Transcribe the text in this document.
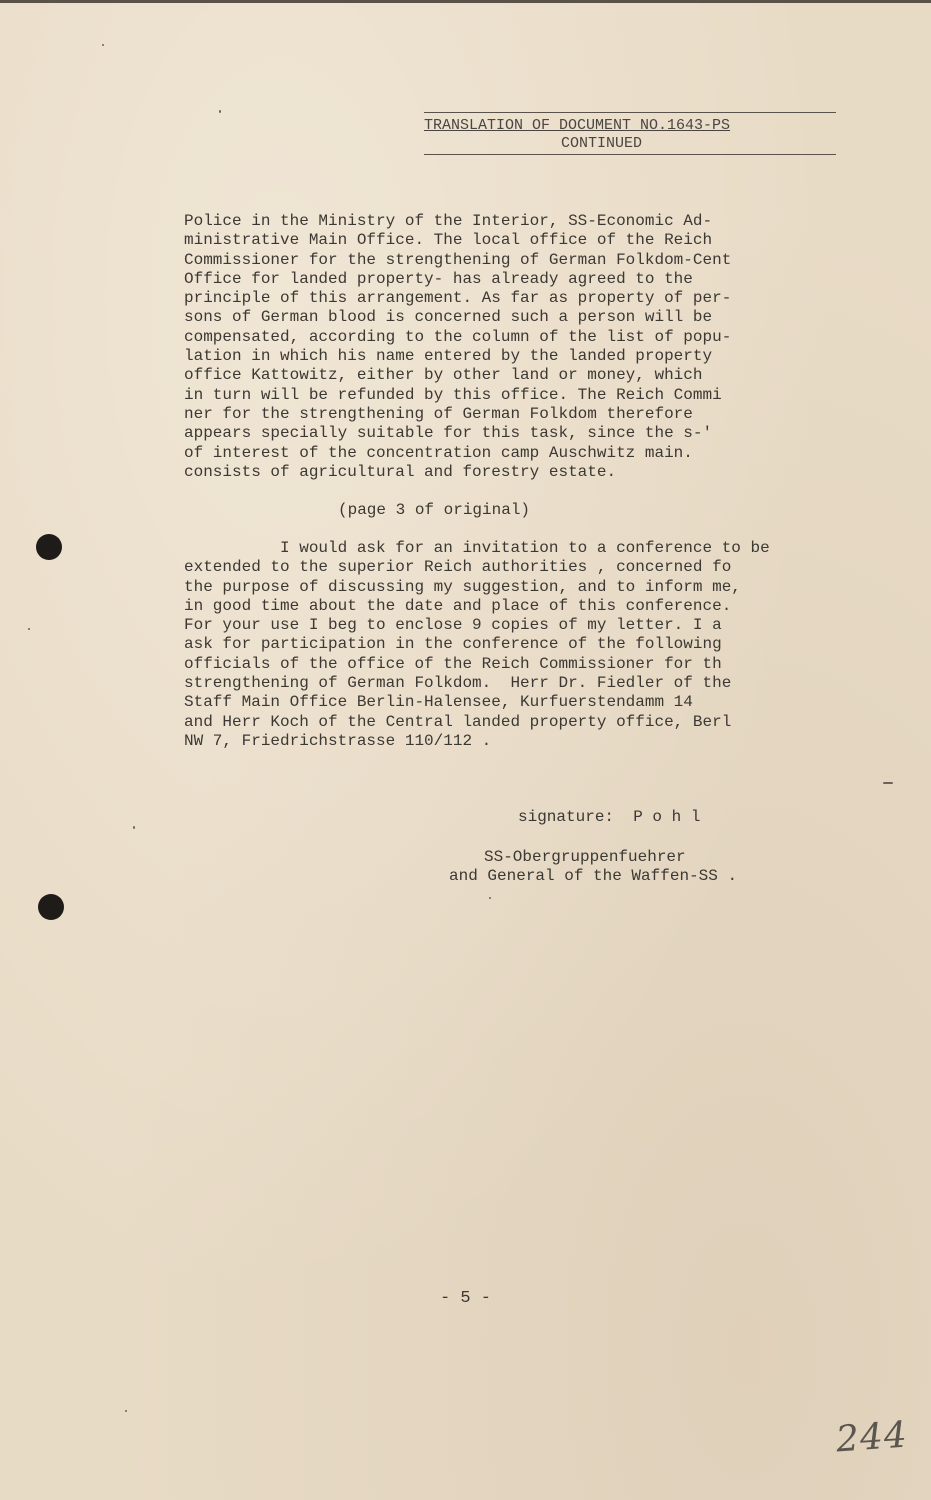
TRANSLATION OF DOCUMENT NO.1643-PS
CONTINUED
Police in the Ministry of the Interior, SS-Economic Ad-
ministrative Main Office. The local office of the Reich
Commissioner for the strengthening of German Folkdom-Cent
Office for landed property- has already agreed to the
principle of this arrangement. As far as property of per-
sons of German blood is concerned such a person will be
compensated, according to the column of the list of popu-
lation in which his name entered by the landed property
office Kattowitz, either by other land or money, which
in turn will be refunded by this office. The Reich Commi
ner for the strengthening of German Folkdom therefore
appears specially suitable for this task, since the s-'
of interest of the concentration camp Auschwitz main.
consists of agricultural and forestry estate.
(page 3 of original)
I would ask for an invitation to a conference to be
extended to the superior Reich authorities , concerned fo
the purpose of discussing my suggestion, and to inform me,
in good time about the date and place of this conference.
For your use I beg to enclose 9 copies of my letter. I a
ask for participation in the conference of the following
officials of the office of the Reich Commissioner for th
strengthening of German Folkdom.  Herr Dr. Fiedler of the
Staff Main Office Berlin-Halensee, Kurfuerstendamm 14
and Herr Koch of the Central landed property office, Berl
NW 7, Friedrichstrasse 110/112 .
signature:  P o h l
SS-Obergruppenfuehrer
and General of the Waffen-SS .
- 5 -
244
